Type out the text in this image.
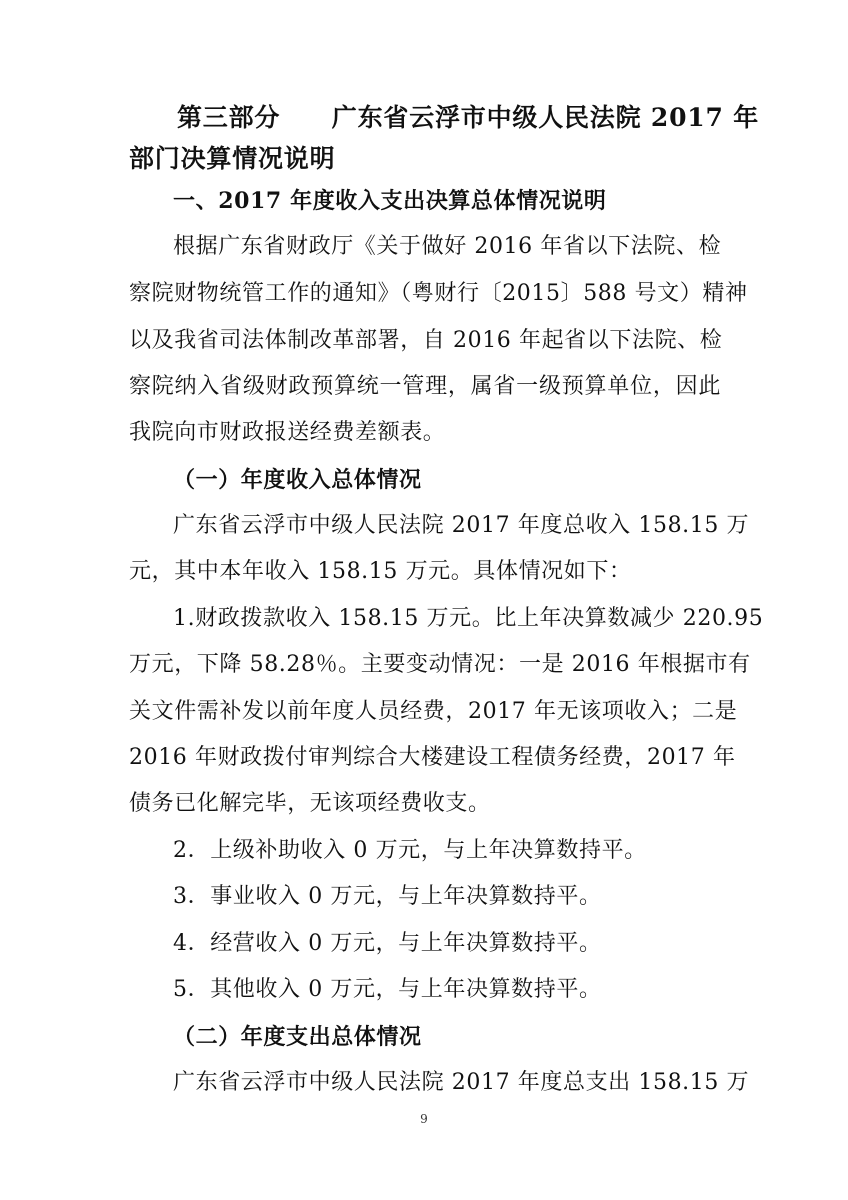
第三部分　　广东省云浮市中级人民法院 2017 年
部门决算情况说明
一、2017 年度收入支出决算总体情况说明
根据广东省财政厅《关于做好 2016 年省以下法院、检
察院财物统管工作的通知》（粤财行〔2015〕588 号文）精神
以及我省司法体制改革部署，自 2016 年起省以下法院、检
察院纳入省级财政预算统一管理，属省一级预算单位，因此
我院向市财政报送经费差额表。
（一）年度收入总体情况
广东省云浮市中级人民法院 2017 年度总收入 158.15 万
元，其中本年收入 158.15 万元。具体情况如下：
1.财政拨款收入 158.15 万元。比上年决算数减少 220.95
万元，下降 58.28％。主要变动情况：一是 2016 年根据市有
关文件需补发以前年度人员经费，2017 年无该项收入；二是
2016 年财政拨付审判综合大楼建设工程债务经费，2017 年
债务已化解完毕，无该项经费收支。
2．上级补助收入 0 万元，与上年决算数持平。
3．事业收入 0 万元，与上年决算数持平。
4．经营收入 0 万元，与上年决算数持平。
5．其他收入 0 万元，与上年决算数持平。
（二）年度支出总体情况
广东省云浮市中级人民法院 2017 年度总支出 158.15 万
9
